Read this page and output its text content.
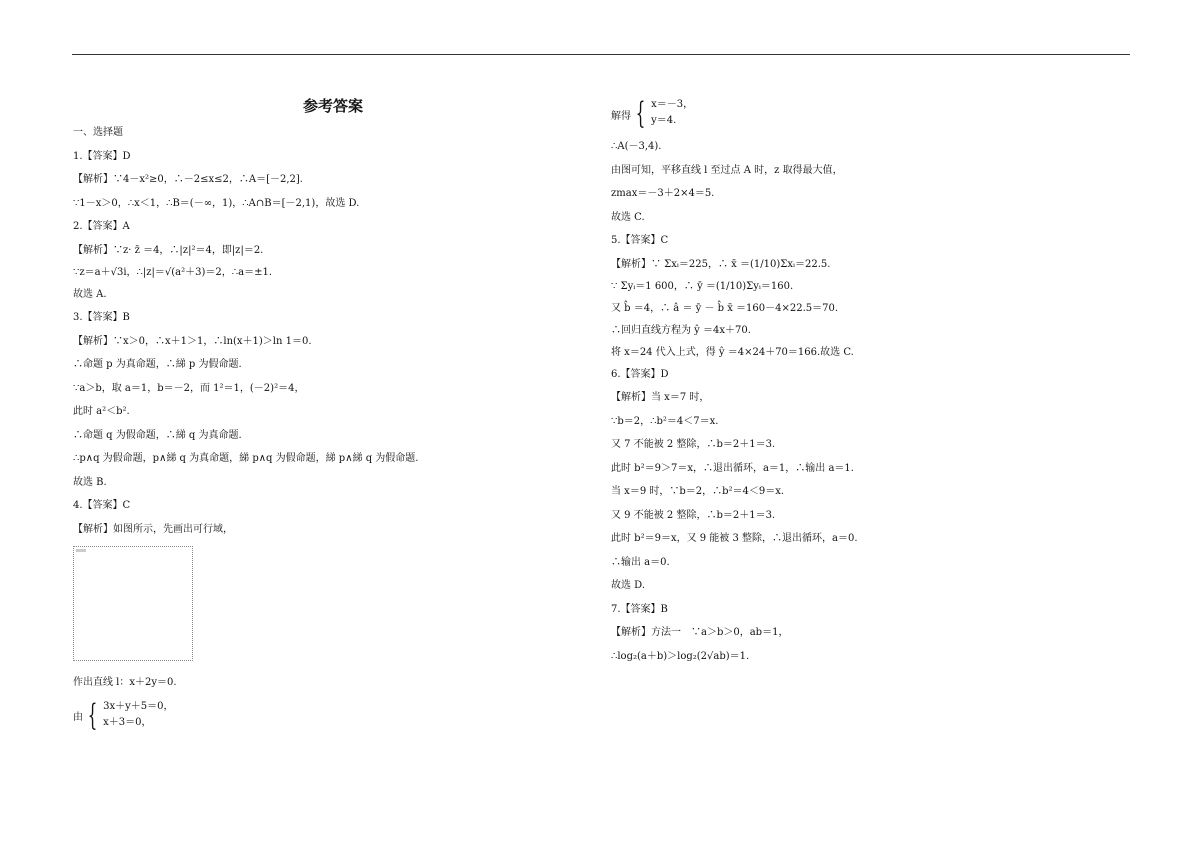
参考答案
一、选择题
1.【答案】D
【解析】∵4－x²≥0，∴－2≤x≤2，∴A＝[－2,2].
∵1－x＞0，∴x＜1，∴B＝(－∞，1)，∴A∩B＝[－2,1)，故选 D.
2.【答案】A
【解析】∵z· z̄ ＝4，∴|z|²＝4，即|z|＝2.
∵z＝a＋√3i，∴|z|＝√(a²＋3)＝2，∴a＝±1.
故选 A.
3.【答案】B
【解析】∵x＞0，∴x＋1＞1，∴ln(x＋1)＞ln 1＝0.
∴命题 p 为真命题，∴綈 p 为假命题.
∵a＞b，取 a＝1，b＝－2，而 1²＝1，(－2)²＝4，
此时 a²＜b².
∴命题 q 为假命题，∴綈 q 为真命题.
∴p∧q 为假命题，p∧綈 q 为真命题，綈 p∧q 为假命题，綈 p∧綈 q 为假命题.
故选 B.
4.【答案】C
【解析】如图所示，先画出可行域，
作出直线 l：x＋2y＝0.
由 { 3x＋y＋5＝0，
x＋3＝0，
解得 { x＝－3，
y＝4.
∴A(－3,4).
由图可知，平移直线 l 至过点 A 时，z 取得最大值，
zmax＝－3＋2×4＝5.
故选 C.
5.【答案】C
【解析】∵ Σxᵢ＝225，∴ x̄ ＝(1/10)Σxᵢ＝22.5.
∵ Σyᵢ＝1 600，∴ ȳ ＝(1/10)Σyᵢ＝160.
又 b̂ ＝4，∴ â ＝ ȳ － b̂ x̄ ＝160－4×22.5＝70.
∴回归直线方程为 ŷ ＝4x＋70.
将 x＝24 代入上式，得 ŷ ＝4×24＋70＝166.故选 C.
6.【答案】D
【解析】当 x＝7 时，
∵b＝2，∴b²＝4＜7＝x.
又 7 不能被 2 整除，∴b＝2＋1＝3.
此时 b²＝9＞7＝x，∴退出循环，a＝1，∴输出 a＝1.
当 x＝9 时，∵b＝2，∴b²＝4＜9＝x.
又 9 不能被 2 整除，∴b＝2＋1＝3.
此时 b²＝9＝x，又 9 能被 3 整除，∴退出循环，a＝0.
∴输出 a＝0.
故选 D.
7.【答案】B
【解析】方法一　∵a＞b＞0，ab＝1，
∴log₂(a＋b)＞log₂(2√ab)＝1.
